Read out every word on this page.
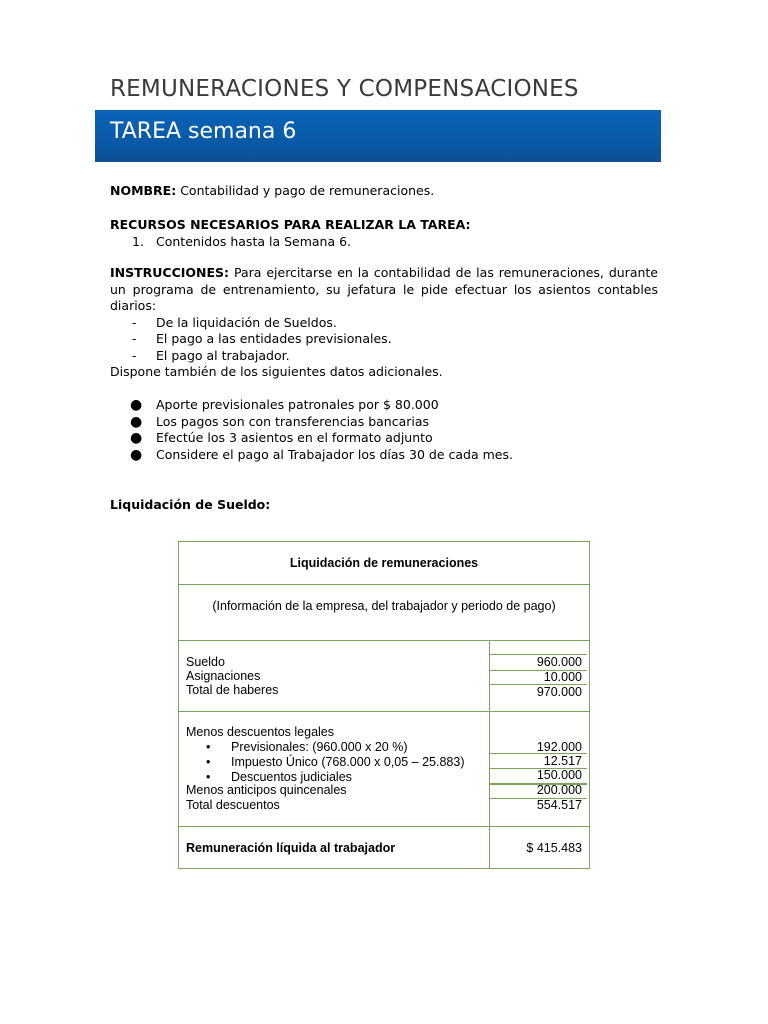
REMUNERACIONES Y COMPENSACIONES
TAREA semana 6
NOMBRE: Contabilidad y pago de remuneraciones.
RECURSOS NECESARIOS PARA REALIZAR LA TAREA:
1. Contenidos hasta la Semana 6.
INSTRUCCIONES: Para ejercitarse en la contabilidad de las remuneraciones, durante un programa de entrenamiento, su jefatura le pide efectuar los asientos contables diarios:
- De la liquidación de Sueldos.
- El pago a las entidades previsionales.
- El pago al trabajador.
Dispone también de los siguientes datos adicionales.
● Aporte previsionales patronales por $ 80.000
● Los pagos son con transferencias bancarias
● Efectúe los 3 asientos en el formato adjunto
● Considere el pago al Trabajador los días 30 de cada mes.
Liquidación de Sueldo:
Liquidación de remuneraciones
(Información de la empresa, del trabajador y periodo de pago)
Sueldo
Asignaciones
Total de haberes
960.000
10.000
970.000
Menos descuentos legales
• Previsionales: (960.000 x 20 %)
• Impuesto Único (768.000 x 0,05 – 25.883)
• Descuentos judiciales
Menos anticipos quincenales
Total descuentos
192.000
12.517
150.000
200.000
554.517
Remuneración líquida al trabajador	$ 415.483
